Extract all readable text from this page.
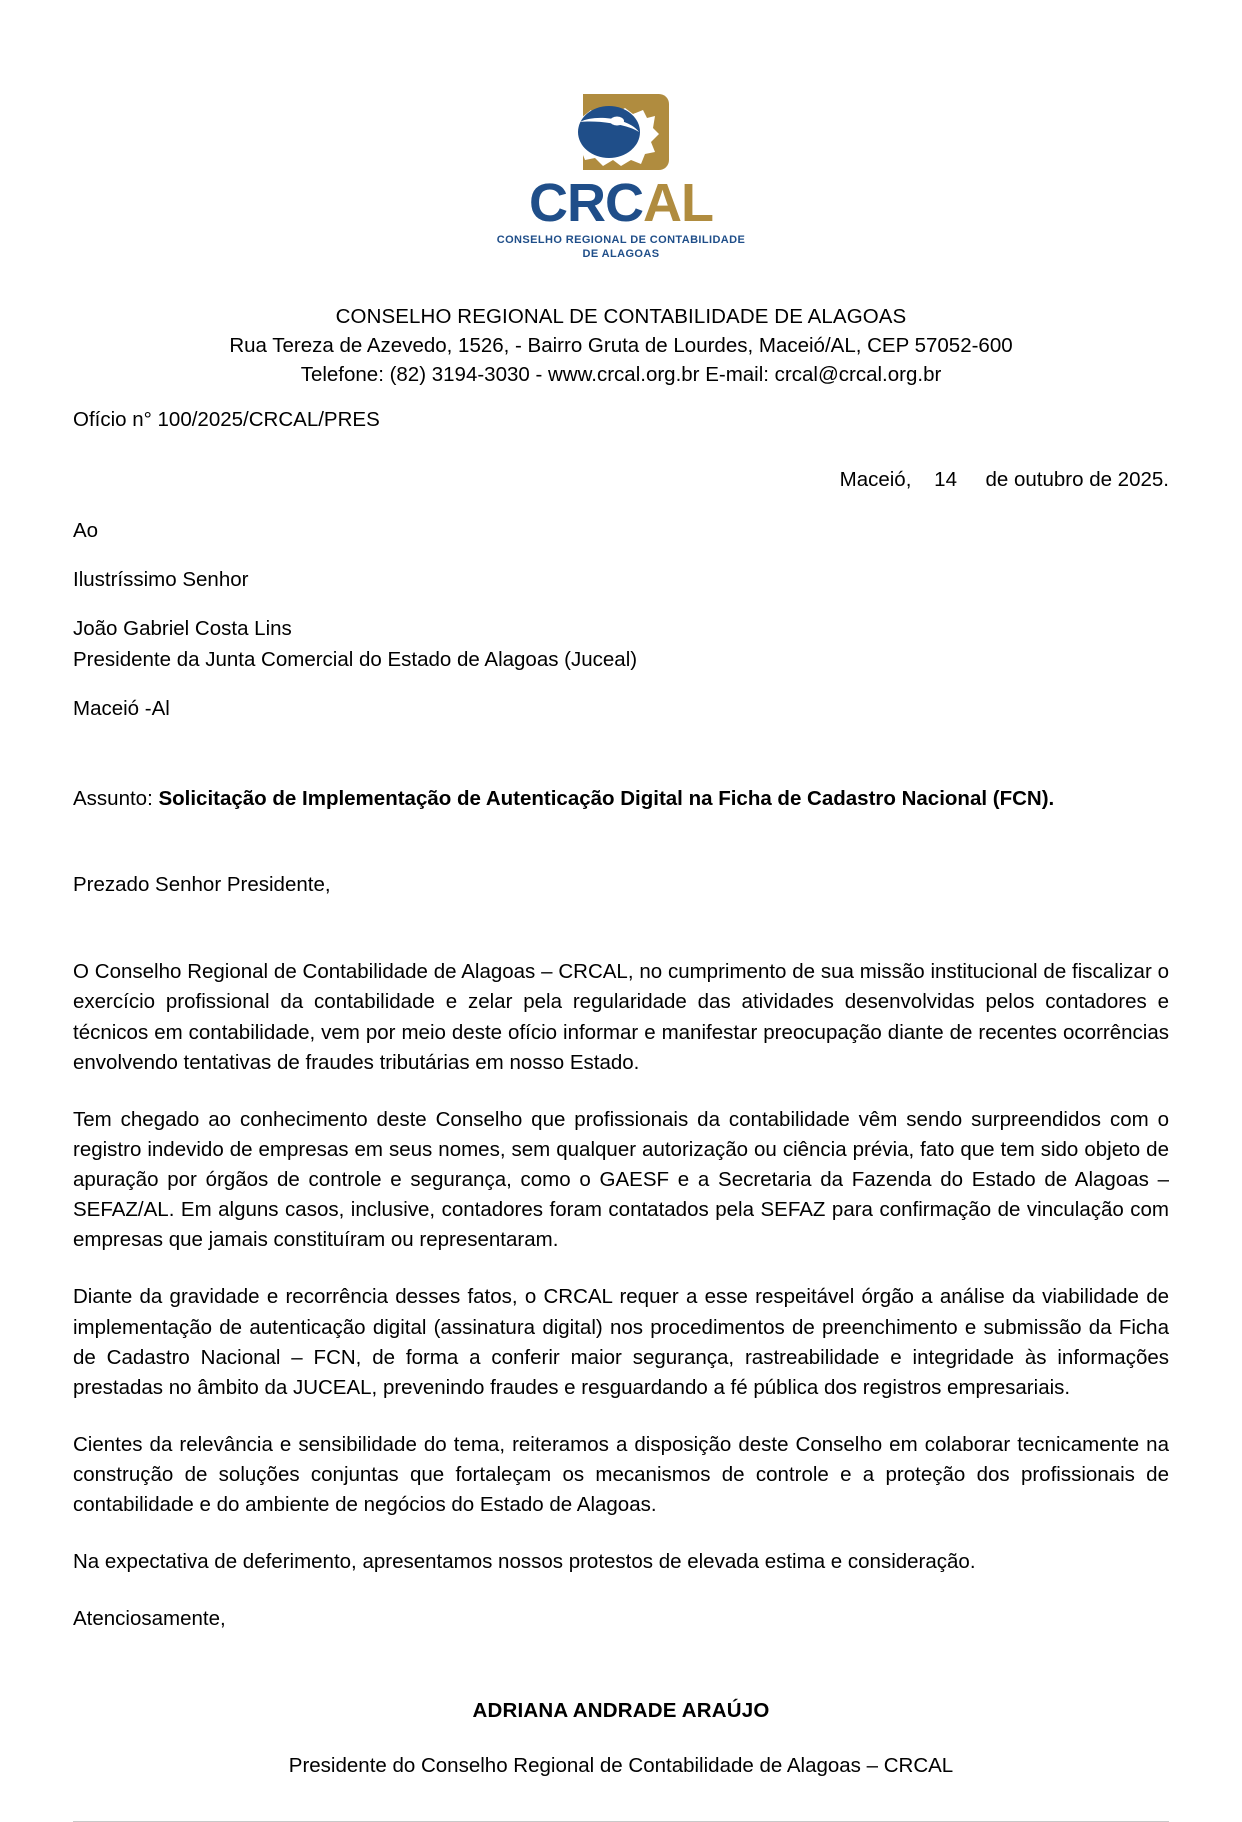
CRCAL
CONSELHO REGIONAL DE CONTABILIDADE
DE ALAGOAS
CONSELHO REGIONAL DE CONTABILIDADE DE ALAGOAS
Rua Tereza de Azevedo, 1526, - Bairro Gruta de Lourdes, Maceió/AL, CEP 57052-600
Telefone: (82) 3194-3030 - www.crcal.org.br E-mail: crcal@crcal.org.br
Ofício n° 100/2025/CRCAL/PRES
Maceió,    14     de outubro de 2025.
Ao
Ilustríssimo Senhor
João Gabriel Costa Lins
Presidente da Junta Comercial do Estado de Alagoas (Juceal)
Maceió -Al
Assunto: Solicitação de Implementação de Autenticação Digital na Ficha de Cadastro Nacional (FCN).
Prezado Senhor Presidente,

O Conselho Regional de Contabilidade de Alagoas – CRCAL, no cumprimento de sua missão institucional de fiscalizar o exercício profissional da contabilidade e zelar pela regularidade das atividades desenvolvidas pelos contadores e técnicos em contabilidade, vem por meio deste ofício informar e manifestar preocupação diante de recentes ocorrências envolvendo tentativas de fraudes tributárias em nosso Estado.

Tem chegado ao conhecimento deste Conselho que profissionais da contabilidade vêm sendo surpreendidos com o registro indevido de empresas em seus nomes, sem qualquer autorização ou ciência prévia, fato que tem sido objeto de apuração por órgãos de controle e segurança, como o GAESF e a Secretaria da Fazenda do Estado de Alagoas – SEFAZ/AL. Em alguns casos, inclusive, contadores foram contatados pela SEFAZ para confirmação de vinculação com empresas que jamais constituíram ou representaram.

Diante da gravidade e recorrência desses fatos, o CRCAL requer a esse respeitável órgão a análise da viabilidade de implementação de autenticação digital (assinatura digital) nos procedimentos de preenchimento e submissão da Ficha de Cadastro Nacional – FCN, de forma a conferir maior segurança, rastreabilidade e integridade às informações prestadas no âmbito da JUCEAL, prevenindo fraudes e resguardando a fé pública dos registros empresariais.

Cientes da relevância e sensibilidade do tema, reiteramos a disposição deste Conselho em colaborar tecnicamente na construção de soluções conjuntas que fortaleçam os mecanismos de controle e a proteção dos profissionais de contabilidade e do ambiente de negócios do Estado de Alagoas.

Na expectativa de deferimento, apresentamos nossos protestos de elevada estima e consideração.
Atenciosamente,
ADRIANA ANDRADE ARAÚJO
Presidente do Conselho Regional de Contabilidade de Alagoas – CRCAL
